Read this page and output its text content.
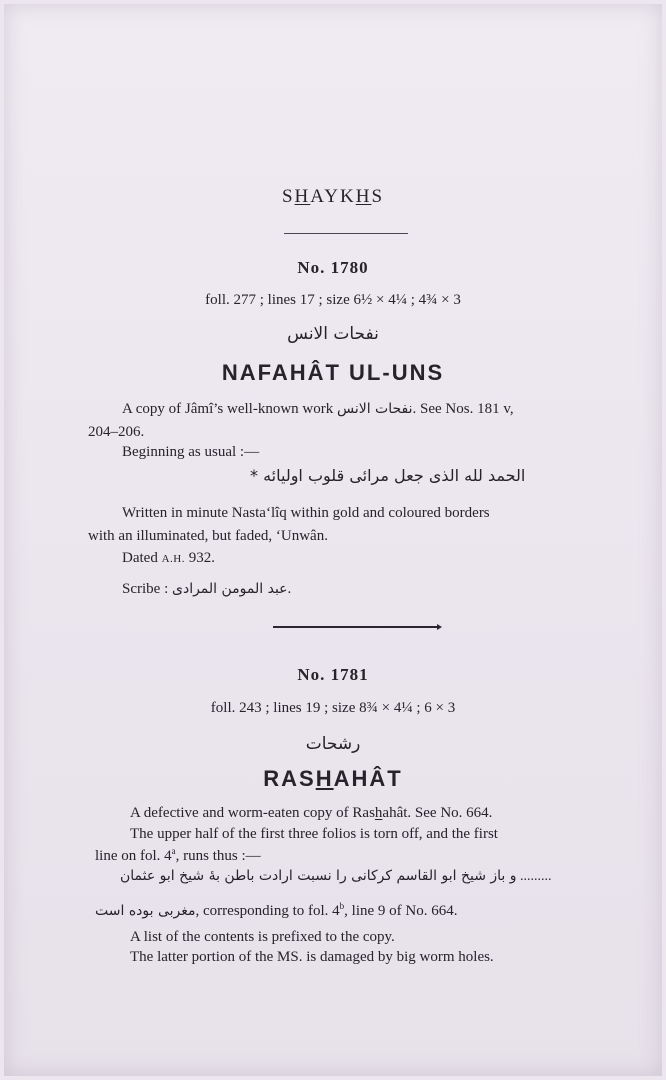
SHAYKHS
No. 1780
foll. 277 ; lines 17 ; size 6½ × 4¼ ; 4¾ × 3
نفحات الانس
NAFAHÂT UL-UNS
A copy of Jâmî’s well-known work نفحات الانس. See Nos. 181 v,
204–206.
Beginning as usual :—
الحمد لله الذى جعل مرائى قلوب اوليائه *
Written in minute Nasta‘lîq within gold and coloured borders
with an illuminated, but faded, ‘Unwân.
Dated A.H. 932.
Scribe : عبد المومن المرادى.
No. 1781
foll. 243 ; lines 19 ; size 8¾ × 4¼ ; 6 × 3
رشحات
RASHAHÂT
A defective and worm-eaten copy of Rashahât. See No. 664.
The upper half of the first three folios is torn off, and the first
line on fol. 4$^a$, runs thus :—
و باز شيخ ابو القاسم كركانى را نسبت ارادت باطن بهٔ شيخ ابو عثمان .........
مغربى بوده است, corresponding to fol. 4$^b$, line 9 of No. 664.
A list of the contents is prefixed to the copy.
The latter portion of the MS. is damaged by big worm holes.
